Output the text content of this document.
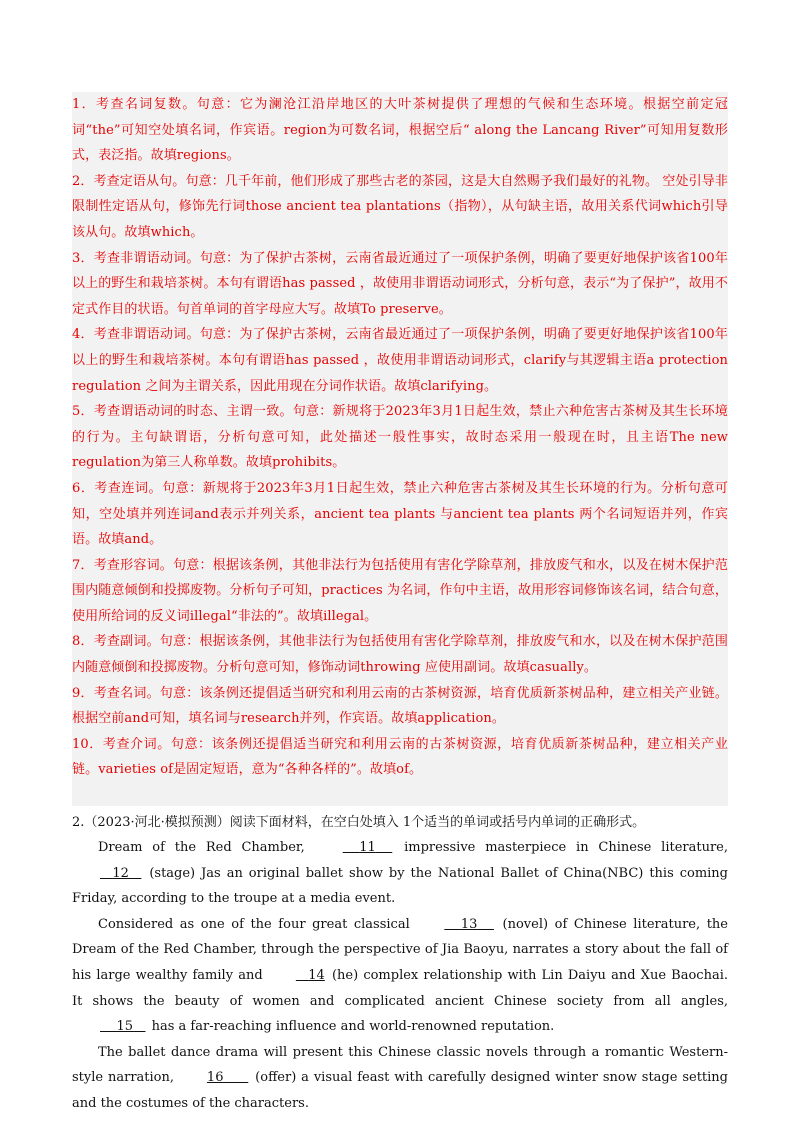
1．考查名词复数。句意：它为澜沧江沿岸地区的大叶茶树提供了理想的气候和生态环境。根据空前定冠词“the”可知空处填名词，作宾语。region为可数名词，根据空后“ along the Lancang River”可知用复数形式，表泛指。故填regions。

2．考查定语从句。句意：几千年前，他们形成了那些古老的茶园，这是大自然赐予我们最好的礼物。 空处引导非限制性定语从句，修饰先行词those ancient tea plantations（指物），从句缺主语，故用关系代词which引导该从句。故填which。

3．考查非谓语动词。句意：为了保护古茶树，云南省最近通过了一项保护条例，明确了要更好地保护该省100年以上的野生和栽培茶树。本句有谓语has passed ，故使用非谓语动词形式，分析句意，表示“为了保护”，故用不定式作目的状语。句首单词的首字母应大写。故填To preserve。

4．考查非谓语动词。句意：为了保护古茶树，云南省最近通过了一项保护条例，明确了要更好地保护该省100年以上的野生和栽培茶树。本句有谓语has passed ，故使用非谓语动词形式，clarify与其逻辑主语a protection regulation 之间为主谓关系，因此用现在分词作状语。故填clarifying。

5．考查谓语动词的时态、主谓一致。句意：新规将于2023年3月1日起生效，禁止六种危害古茶树及其生长环境的行为。主句缺谓语，分析句意可知，此处描述一般性事实，故时态采用一般现在时，且主语The new regulation为第三人称单数。故填prohibits。

6．考查连词。句意：新规将于2023年3月1日起生效，禁止六种危害古茶树及其生长环境的行为。分析句意可知，空处填并列连词and表示并列关系，ancient tea plants 与ancient tea plants 两个名词短语并列，作宾语。故填and。

7．考查形容词。句意：根据该条例，其他非法行为包括使用有害化学除草剂，排放废气和水，以及在树木保护范围内随意倾倒和投掷废物。分析句子可知，practices 为名词，作句中主语，故用形容词修饰该名词，结合句意，使用所给词的反义词illegal“非法的”。故填illegal。

8．考查副词。句意：根据该条例，其他非法行为包括使用有害化学除草剂，排放废气和水，以及在树木保护范围内随意倾倒和投掷废物。分析句意可知，修饰动词throwing 应使用副词。故填casually。

9．考查名词。句意：该条例还提倡适当研究和利用云南的古茶树资源，培育优质新茶树品种，建立相关产业链。根据空前and可知，填名词与research并列，作宾语。故填application。

10．考查介词。句意：该条例还提倡适当研究和利用云南的古茶树资源，培育优质新茶树品种，建立相关产业链。varieties of是固定短语，意为“各种各样的”。故填of。

2.（2023·河北·模拟预测）阅读下面材料，在空白处填入 1个适当的单词或括号内单词的正确形式。

Dream of the Red Chamber,	11     impressive masterpiece in Chinese literature,    12    (stage) Jas an original ballet show by the National Ballet of China(NBC) this coming Friday, according to the troupe at a media event.

Considered as one of the four great classical	13     (novel) of Chinese literature, the Dream of the Red Chamber, through the perspective of Jia Baoyu, narrates a story about the fall of his large wealthy family and	14 (he) complex relationship with Lin Daiyu and Xue Baochai. It shows the beauty of women and complicated ancient Chinese society from all angles,     15    has a far-reaching influence and world-renowned reputation.

The ballet dance drama will present this Chinese classic novels through a romantic Western-style narration, 16       (offer) a visual feast with carefully designed winter snow stage setting and the costumes of the characters.
